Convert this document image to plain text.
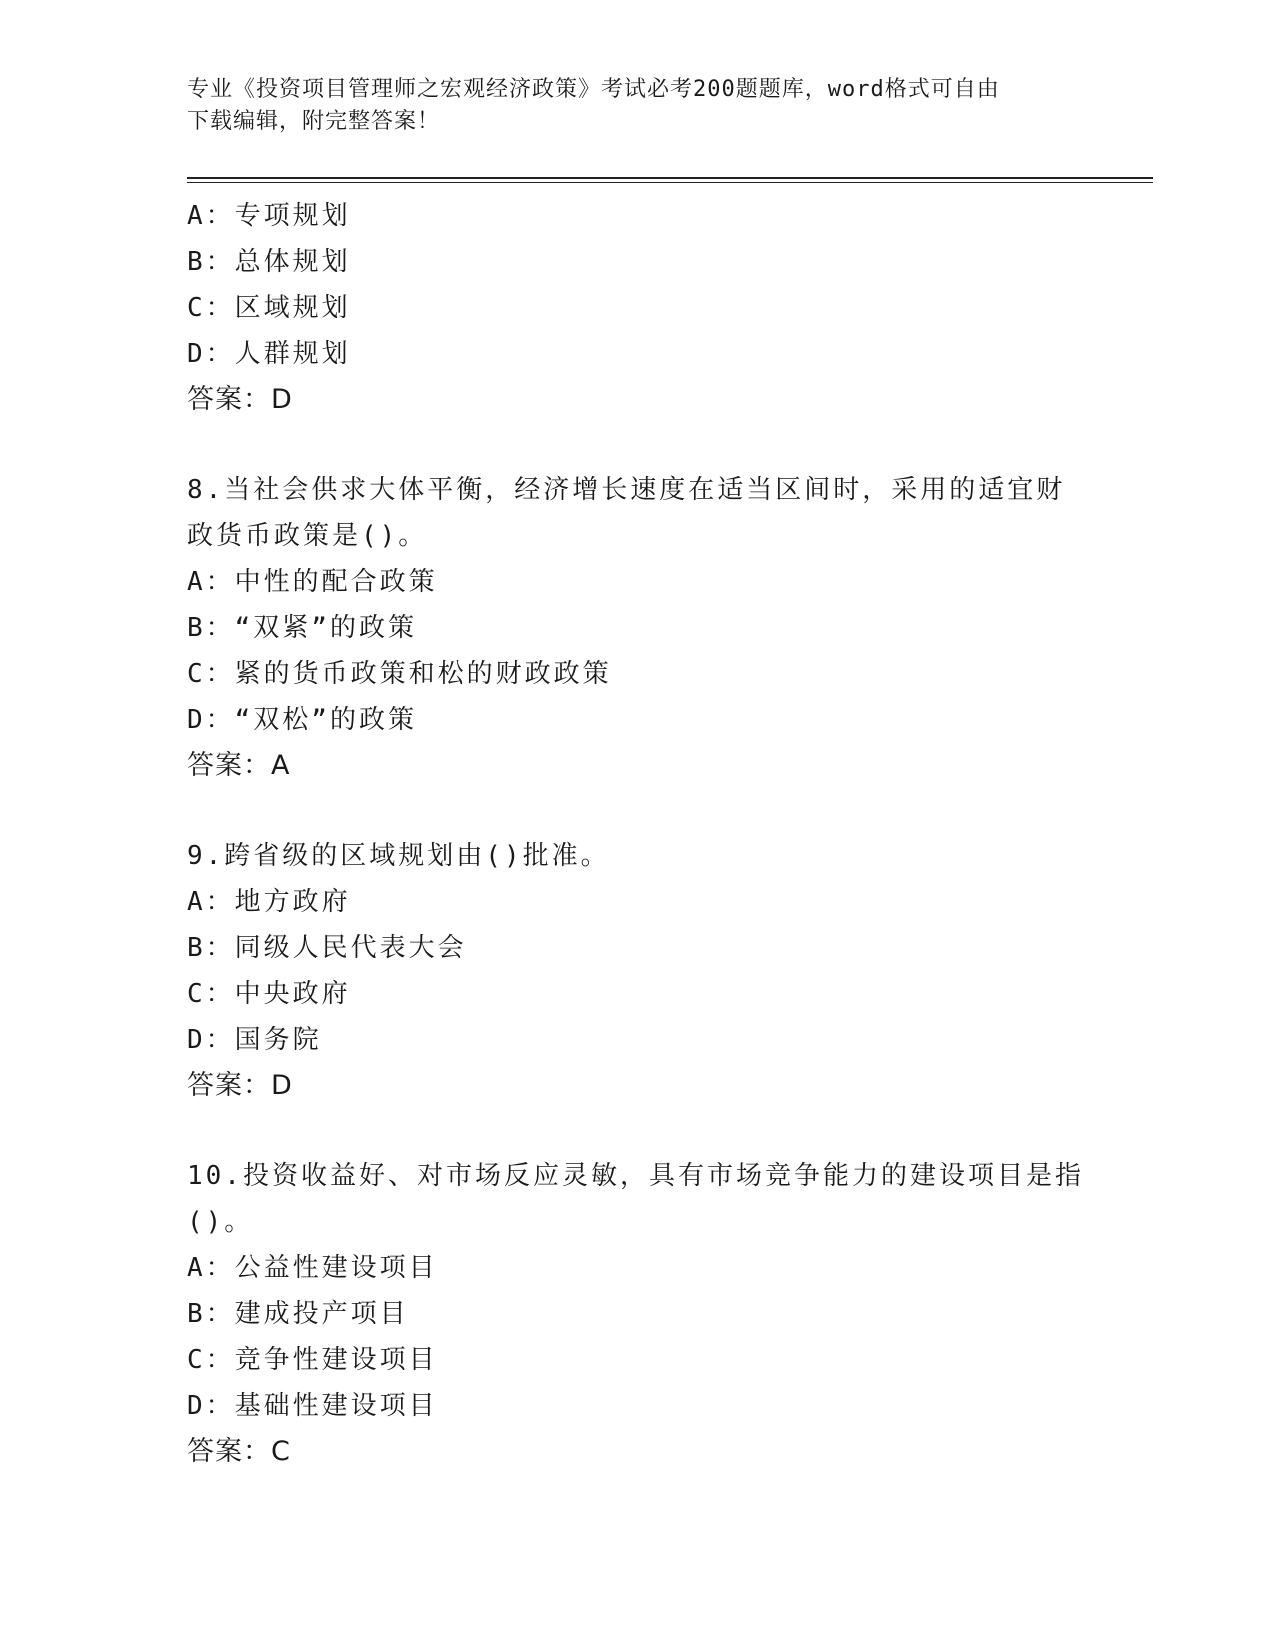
专业《投资项目管理师之宏观经济政策》考试必考200题题库，word格式可自由
下载编辑，附完整答案！
A：专项规划
B：总体规划
C：区域规划
D：人群规划
答案：D
8.当社会供求大体平衡，经济增长速度在适当区间时，采用的适宜财
政货币政策是()。
A：中性的配合政策
B：“双紧”的政策
C：紧的货币政策和松的财政政策
D：“双松”的政策
答案：A
9.跨省级的区域规划由()批准。
A：地方政府
B：同级人民代表大会
C：中央政府
D：国务院
答案：D
10.投资收益好、对市场反应灵敏，具有市场竞争能力的建设项目是指
()。
A：公益性建设项目
B：建成投产项目
C：竞争性建设项目
D：基础性建设项目
答案：C
